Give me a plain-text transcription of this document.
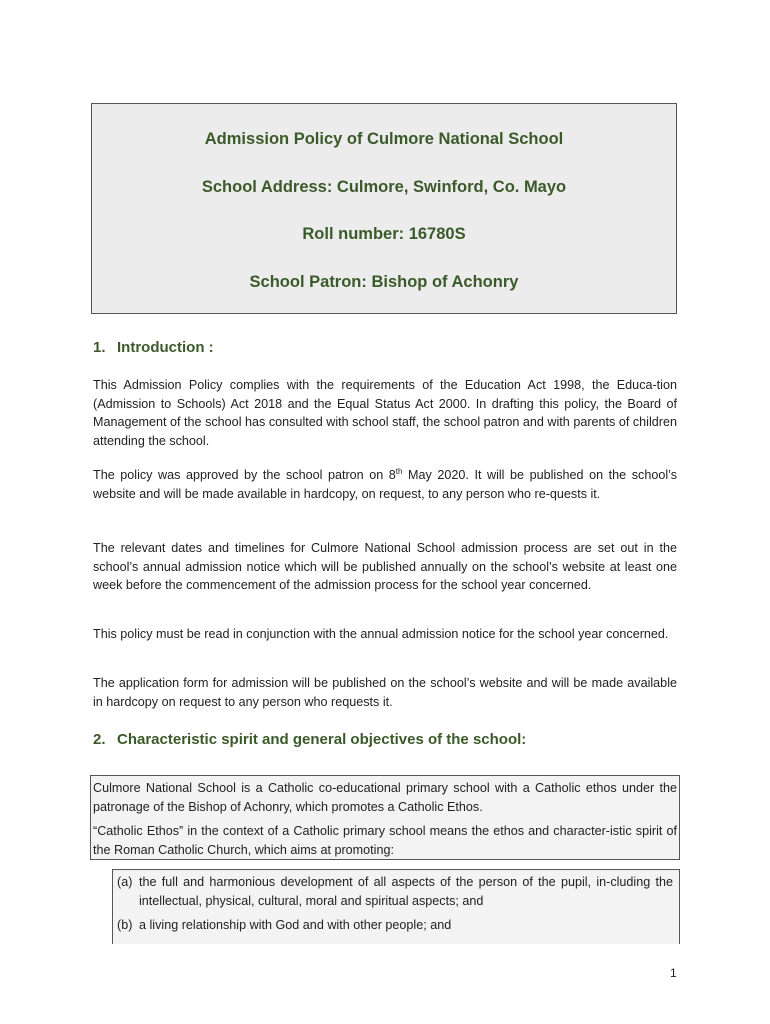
Admission Policy of Culmore National School
School Address: Culmore, Swinford, Co. Mayo
Roll number: 16780S
School Patron: Bishop of Achonry
1. Introduction :
This Admission Policy complies with the requirements of the Education Act 1998, the Educa-tion (Admission to Schools) Act 2018 and the Equal Status Act 2000. In drafting this policy, the Board of Management of the school has consulted with school staff, the school patron and with parents of children attending the school.
The policy was approved by the school patron on 8th May 2020. It will be published on the school’s website and will be made available in hardcopy, on request, to any person who re-quests it.
The relevant dates and timelines for Culmore National School admission process are set out in the school’s annual admission notice which will be published annually on the school’s website at least one week before the commencement of the admission process for the school year concerned.
This policy must be read in conjunction with the annual admission notice for the school year concerned.
The application form for admission will be published on the school’s website and will be made available in hardcopy on request to any person who requests it.
2. Characteristic spirit and general objectives of the school:
Culmore National School is a Catholic co-educational primary school with a Catholic ethos under the patronage of the Bishop of Achonry, which promotes a Catholic Ethos.
“Catholic Ethos” in the context of a Catholic primary school means the ethos and character-istic spirit of the Roman Catholic Church, which aims at promoting:
(a) the full and harmonious development of all aspects of the person of the pupil, in-cluding the intellectual, physical, cultural, moral and spiritual aspects; and
(b) a living relationship with God and with other people; and
1
